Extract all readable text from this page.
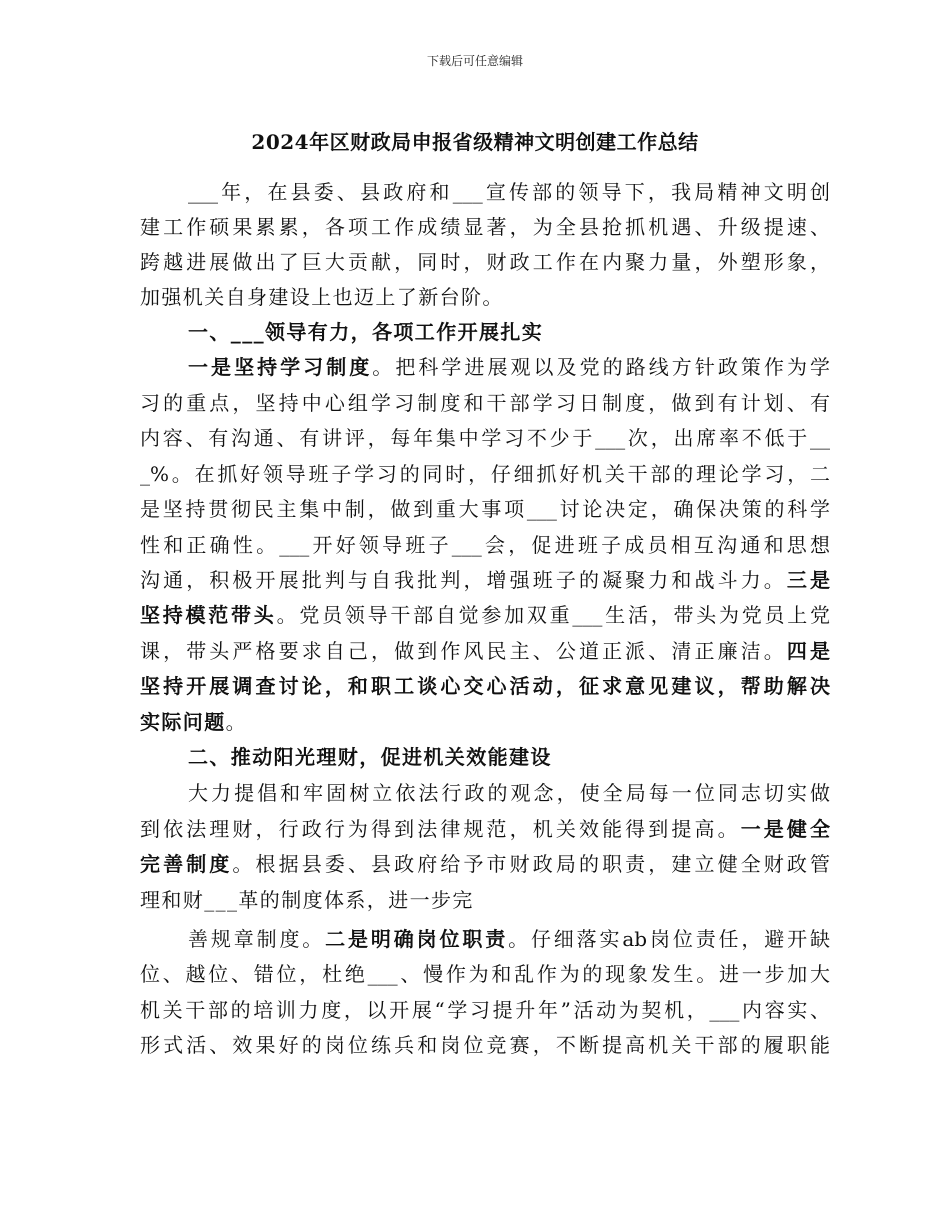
下载后可任意编辑
2024年区财政局申报省级精神文明创建工作总结
___年，在县委、县政府和___宣传部的领导下，我局精神文明创
建工作硕果累累，各项工作成绩显著，为全县抢抓机遇、升级提速、
跨越进展做出了巨大贡献，同时，财政工作在内聚力量，外塑形象，
加强机关自身建设上也迈上了新台阶。
一、___领导有力，各项工作开展扎实
一是坚持学习制度。把科学进展观以及党的路线方针政策作为学
习的重点，坚持中心组学习制度和干部学习日制度，做到有计划、有
内容、有沟通、有讲评，每年集中学习不少于___次，出席率不低于__
_%。在抓好领导班子学习的同时，仔细抓好机关干部的理论学习，二
是坚持贯彻民主集中制，做到重大事项___讨论决定，确保决策的科学
性和正确性。___开好领导班子___会，促进班子成员相互沟通和思想
沟通，积极开展批判与自我批判，增强班子的凝聚力和战斗力。三是
坚持模范带头。党员领导干部自觉参加双重___生活，带头为党员上党
课，带头严格要求自己，做到作风民主、公道正派、清正廉洁。四是
坚持开展调查讨论，和职工谈心交心活动，征求意见建议，帮助解决
实际问题。
二、推动阳光理财，促进机关效能建设
大力提倡和牢固树立依法行政的观念，使全局每一位同志切实做
到依法理财，行政行为得到法律规范，机关效能得到提高。一是健全
完善制度。根据县委、县政府给予市财政局的职责，建立健全财政管
理和财___革的制度体系，进一步完
善规章制度。二是明确岗位职责。仔细落实ab岗位责任，避开缺
位、越位、错位，杜绝___、慢作为和乱作为的现象发生。进一步加大
机关干部的培训力度，以开展“学习提升年”活动为契机，___内容实、
形式活、效果好的岗位练兵和岗位竞赛，不断提高机关干部的履职能
